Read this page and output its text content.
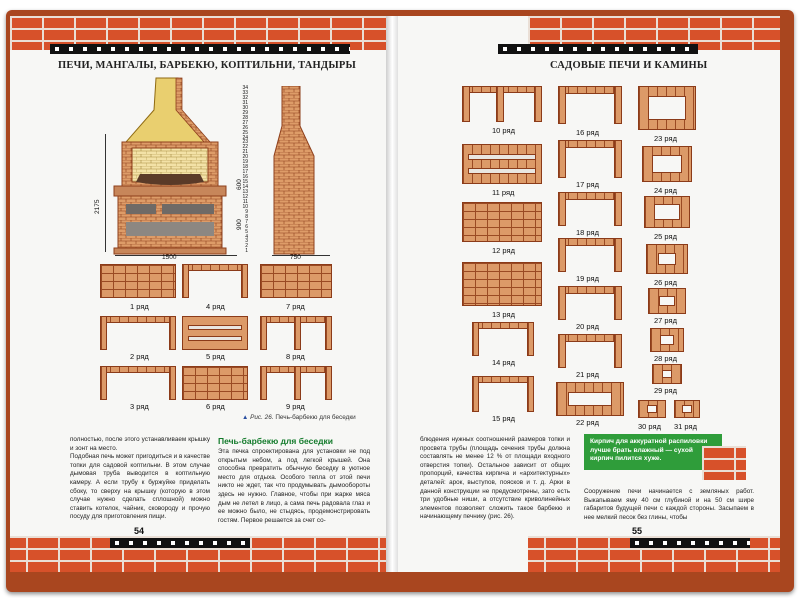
ПЕЧИ, МАНГАЛЫ, БАРБЕКЮ, КОПТИЛЬНИ, ТАНДЫРЫ
2175
600
900
1500
34
33
32
31
30
29
28
27
26
25
24
23
22
21
20
19
18
17
16
15
14
13
12
11
10
9
8
7
6
5
4
3
2
1
750
1 ряд	4 ряд	7 ряд
2 ряд	5 ряд	8 ряд
3 ряд	6 ряд	9 ряд
▲ Рис. 26. Печь-барбекю для беседки
полностью, после этого устанавливаем крышку и зонт на место.
Подобная печь может пригодиться и в качестве топки для садовой коптильни. В этом случае дымовая труба выводится в коптильную камеру. А если трубу к буржуйке приделать сбоку, то сверху на крышку (которую в этом случае нужно сделать сплошной) можно ставить котелок, чайник, сковороду и прочую посуду для приготовления пищи.
Печь-барбекю для беседки
Эта печка спроектирована для установки не под открытым небом, а под легкой крышей. Она способна превратить обычную беседку в уютное место для отдыха. Особого тепла от этой печи никто не ждет, так что продумывать дымообороты здесь не нужно. Главное, чтобы при жарке мяса дым не летел в лицо, а сама печь радовала глаз и ее можно было, не стыдясь, продемонстрировать гостям. Первое решается за счет со-
54
САДОВЫЕ ПЕЧИ И КАМИНЫ
10 ряд
11 ряд
12 ряд
13 ряд
14 ряд
15 ряд
16 ряд
17 ряд
18 ряд
19 ряд
20 ряд
21 ряд
22 ряд
23 ряд
24 ряд
25 ряд
26 ряд
27 ряд
28 ряд
29 ряд
30 ряд 31 ряд
блюдения нужных соотношений размеров топки и просвета трубы (площадь сечения трубы должна составлять не менее 12 % от площади входного отверстия топки). Остальное зависит от общих пропорций, качества кирпича и «архитектурных» деталей: арок, выступов, поясков и т. д. Арки в данной конструкции не предусмотрены, зато есть три удобные ниши, а отсутствие криволинейных элементов позволяет сложить такое барбекю и начинающему печнику (рис. 26).
Кирпич для аккуратной распиловки лучше брать влажный — сухой кирпич пилится хуже.
Сооружение печи начинается с земляных работ. Выкапываем яму 40 см глубиной и на 50 см шире габаритов будущей печи с каждой стороны. Засыпаем в нее мелкий песок без глины, чтобы
55
